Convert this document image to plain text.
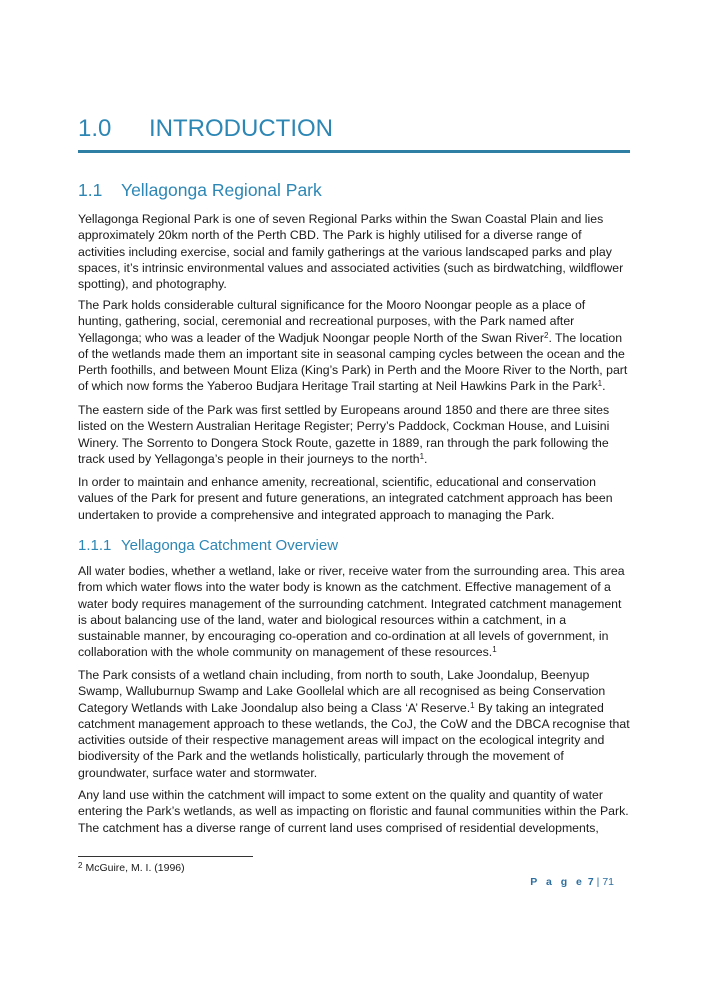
1.0 INTRODUCTION
1.1 Yellagonga Regional Park

Yellagonga Regional Park is one of seven Regional Parks within the Swan Coastal Plain and lies approximately 20km north of the Perth CBD. The Park is highly utilised for a diverse range of activities including exercise, social and family gatherings at the various landscaped parks and play spaces, it’s intrinsic environmental values and associated activities (such as birdwatching, wildflower spotting), and photography.

The Park holds considerable cultural significance for the Mooro Noongar people as a place of hunting, gathering, social, ceremonial and recreational purposes, with the Park named after Yellagonga; who was a leader of the Wadjuk Noongar people North of the Swan River$^2$. The location of the wetlands made them an important site in seasonal camping cycles between the ocean and the Perth foothills, and between Mount Eliza (King’s Park) in Perth and the Moore River to the North, part of which now forms the Yaberoo Budjara Heritage Trail starting at Neil Hawkins Park in the Park$^1$.

The eastern side of the Park was first settled by Europeans around 1850 and there are three sites listed on the Western Australian Heritage Register; Perry’s Paddock, Cockman House, and Luisini Winery. The Sorrento to Dongera Stock Route, gazette in 1889, ran through the park following the track used by Yellagonga’s people in their journeys to the north$^1$.

In order to maintain and enhance amenity, recreational, scientific, educational and conservation values of the Park for present and future generations, an integrated catchment approach has been undertaken to provide a comprehensive and integrated approach to managing the Park.

1.1.1 Yellagonga Catchment Overview

All water bodies, whether a wetland, lake or river, receive water from the surrounding area. This area from which water flows into the water body is known as the catchment. Effective management of a water body requires management of the surrounding catchment. Integrated catchment management is about balancing use of the land, water and biological resources within a catchment, in a sustainable manner, by encouraging co-operation and co-ordination at all levels of government, in collaboration with the whole community on management of these resources.$^1$

The Park consists of a wetland chain including, from north to south, Lake Joondalup, Beenyup Swamp, Walluburnup Swamp and Lake Goollelal which are all recognised as being Conservation Category Wetlands with Lake Joondalup also being a Class ‘A’ Reserve.$^1$ By taking an integrated catchment management approach to these wetlands, the CoJ, the CoW and the DBCA recognise that activities outside of their respective management areas will impact on the ecological integrity and biodiversity of the Park and the wetlands holistically, particularly through the movement of groundwater, surface water and stormwater.

Any land use within the catchment will impact to some extent on the quality and quantity of water entering the Park’s wetlands, as well as impacting on floristic and faunal communities within the Park. The catchment has a diverse range of current land uses comprised of residential developments,

$^2$ McGuire, M. I. (1996)
P a g e 7 | 71
